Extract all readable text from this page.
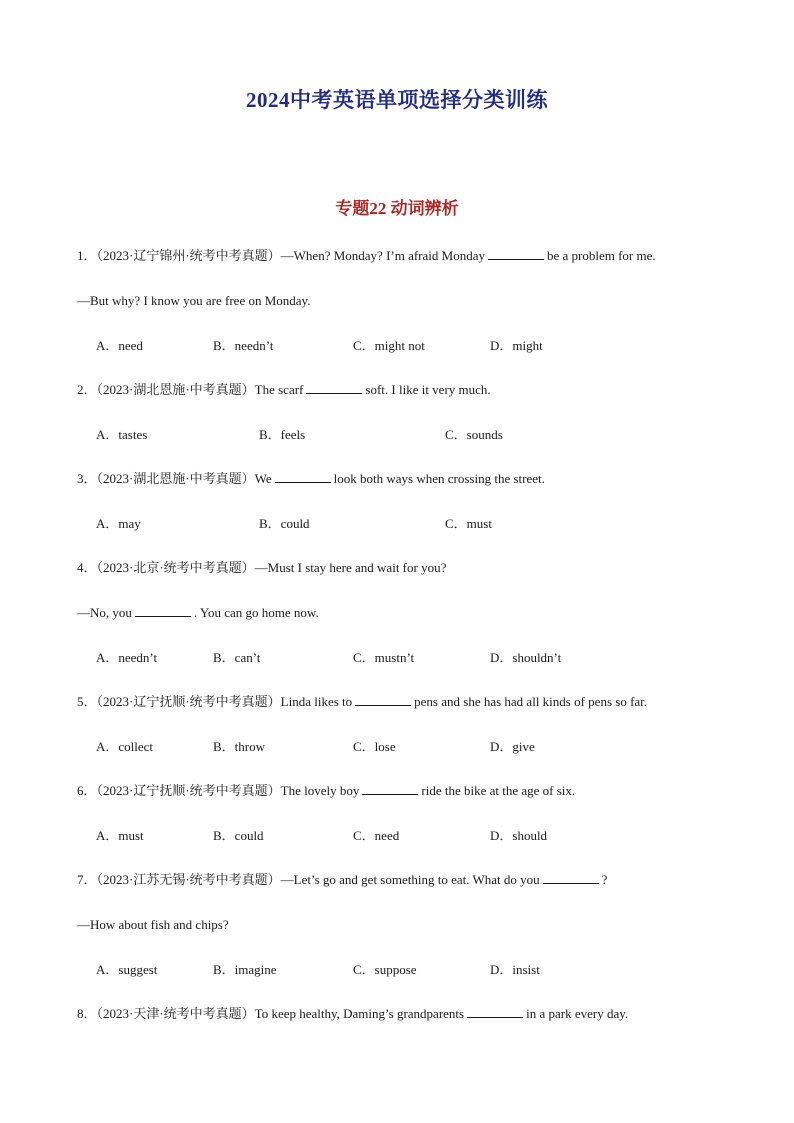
2024中考英语单项选择分类训练
专题22 动词辨析
1．（2023·辽宁锦州·统考中考真题）—When? Monday? I’m afraid Monday	be a problem for me.
—But why? I know you are free on Monday.
A．need	B．needn’t	C．might not	D．might
2．（2023·湖北恩施·中考真题）The scarf	soft. I like it very much.
A．tastes	B．feels	C．sounds
3．（2023·湖北恩施·中考真题）We	look both ways when crossing the street.
A．may	B．could	C．must
4．（2023·北京·统考中考真题）—Must I stay here and wait for you?
—No, you	. You can go home now.
A．needn’t	B．can’t	C．mustn’t	D．shouldn’t
5．（2023·辽宁抚顺·统考中考真题）Linda likes to	pens and she has had all kinds of pens so far.
A．collect	B．throw	C．lose	D．give
6．（2023·辽宁抚顺·统考中考真题）The lovely boy	ride the bike at the age of six.
A．must	B．could	C．need	D．should
7．（2023·江苏无锡·统考中考真题）—Let’s go and get something to eat. What do you	?
—How about fish and chips?
A．suggest	B．imagine	C．suppose	D．insist
8．（2023·天津·统考中考真题）To keep healthy, Daming’s grandparents	in a park every day.
